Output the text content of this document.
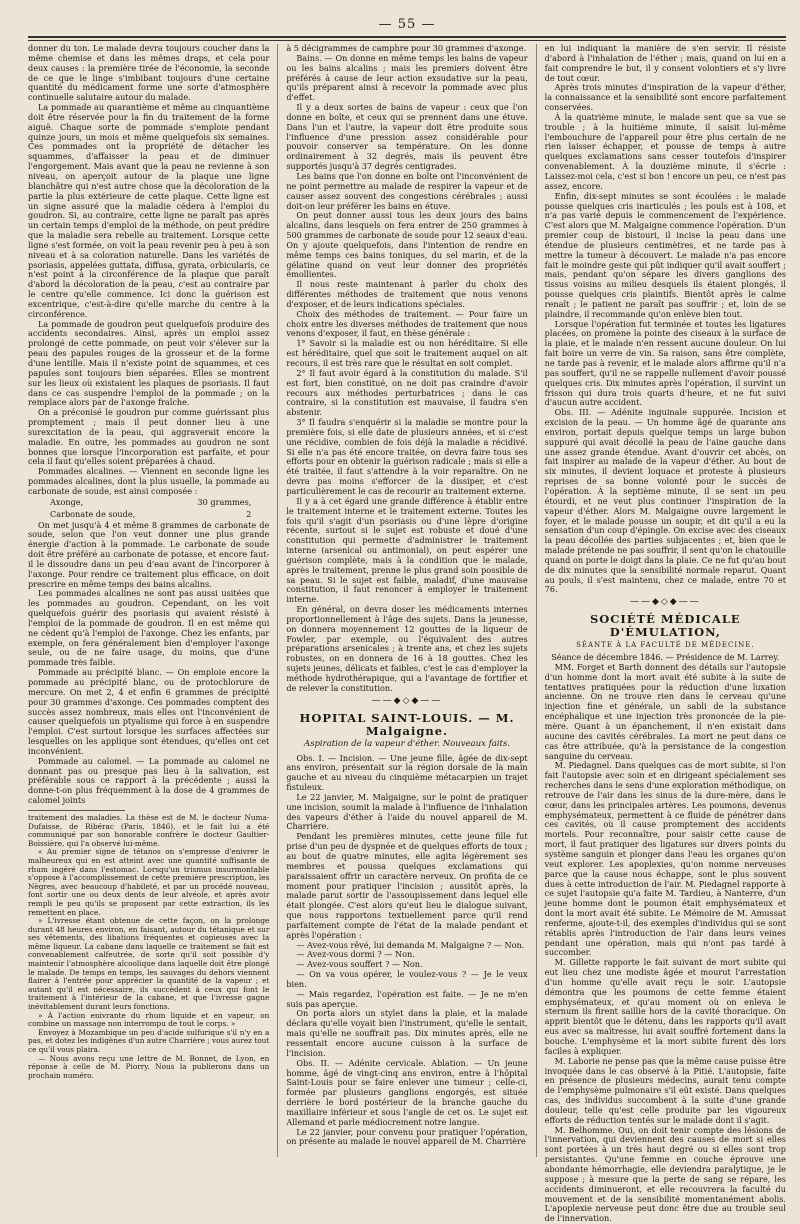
— 55 —

donner du ton. Le malade devra toujours coucher dans la même chemise et dans les mêmes draps, et cela pour deux causes : la première tirée de l'économie, la seconde de ce que le linge s'imbibant toujours d'une certaine quantité du médicament forme une sorte d'atmosphère continuelle salutaire autour du malade.

La pommade au quarantième et même au cinquantième doit être réservée pour la fin du traitement de la forme aiguë. Chaque sorte de pommade s'emploie pendant quinze jours, un mois et même quelquefois six semaines. Ces pommades ont la propriété de détacher les squammes, d'affaisser la peau et de diminuer l'engorgement. Mais avant que la peau ne revienne à son niveau, on aperçoit autour de la plaque une ligne blanchâtre qui n'est autre chose que la décoloration de la partie la plus extérieure de cette plaque. Cette ligne est un signe assuré que la maladie cédera à l'emploi du goudron. Si, au contraire, cette ligne ne paraît pas après un certain temps d'emploi de la méthode, on peut prédire que la maladie sera rebelle au traitement. Lorsque cette ligne s'est formée, on voit la peau revenir peu à peu à son niveau et à sa coloration naturelle. Dans les variétés de psoriasis, appelées guttata, diffusa, gyrata, orbicularis, ce n'est point à la circonférence de la plaque que paraît d'abord la décoloration de la peau, c'est au contraire par le centre qu'elle commence. Ici donc la guérison est excentrique, c'est-à-dire qu'elle marche du centre à la circonférence.

La pommade de goudron peut quelquefois produire des accidents secondaires. Ainsi, après un emploi assez prolongé de cette pommade, on peut voir s'élever sur la peau des papules rouges de la grosseur et de la forme d'une lentille. Mais il n'existe point de squammes, et ces papules sont toujours bien séparées. Elles se montrent sur les lieux où existaient les plaques de psoriasis. Il faut dans ce cas suspendre l'emploi de la pommade ; on la remplace alors par de l'axonge fraîche.

On a préconisé le goudron pur comme guérissant plus promptement ; mais il peut donner lieu à une surexcitation de la peau, qui aggraverait encore la maladie. En outre, les pommades au goudron ne sont bonnes que lorsque l'incorporation est parfaite, et pour cela il faut qu'elles soient préparées à chaud.

Pommades alcalines. — Viennent en seconde ligne les pommades alcalines, dont la plus usuelle, la pommade au carbonate de soude, est ainsi composée :

Axonge,	30 grammes,
Carbonate de soude,	2

On met jusqu'à 4 et même 8 grammes de carbonate de soude, selon que l'on veut donner une plus grande énergie d'action à la pommade. Le carbonate de soude doit être préféré au carbonate de potasse, et encore faut-il le dissoudre dans un peu d'eau avant de l'incorporer à l'axonge. Pour rendre ce traitement plus efficace, on doit prescrire en même temps des bains alcalins.

Les pommades alcalines ne sont pas aussi usitées que les pommades au goudron. Cependant, on les voit quelquefois guérir des psoriasis qui avaient résisté à l'emploi de la pommade de goudron. Il en est même qui ne cèdent qu'à l'emploi de l'axonge. Chez les enfants, par exemple, on fera généralement bien d'employer l'axonge seule, ou de ne faire usage, du moins, que d'une pommade très faible.

Pommade au précipité blanc. — On emploie encore la pommade au précipité blanc, ou de protochlorure de mercure. On met 2, 4 et enfin 6 grammes de précipité pour 30 grammes d'axonge. Ces pommades comptent des succès assez nombreux, mais elles ont l'inconvénient de causer quelquefois un ptyalisme qui force à en suspendre l'emploi. C'est surtout lorsque les surfaces affectées sur lesquelles on les applique sont étendues, qu'elles ont cet inconvénient.

Pommade au calomel. — La pommade au calomel ne donnant pas ou presque pas lieu à la salivation, est préférable sous ce rapport à la précédente ; aussi la donne-t-on plus fréquemment à la dose de 4 grammes de calomel joints

traitement des maladies. La thèse est de M. le docteur Numa-Dufaisse, de Ribérac (Paris, 1846), et le fait lui a été communiqué par son honorable confrère le docteur Gaultier-Boissière, qui l'a observé lui-même.

« Au premier signe de tétanos on s'empresse d'enivrer le malheureux qui en est atteint avec une quantité suffisante de rhum ingéré dans l'estomac. Lorsqu'un trismus insurmontable s'oppose à l'accomplissement de cette première prescription, les Nègres, avec beaucoup d'habileté, et par un procédé nouveau, font sortir une ou deux dents de leur alvéole, et après avoir rempli le peu qu'ils se proposent par cette extraction, ils les remettent en place.

» L'ivresse étant obtenue de cette façon, on la prolonge durant 48 heures environ, en faisant, autour du tétanique et sur ses vêtements, des libations fréquentes et copieuses avec la même liqueur. La cabane dans laquelle ce traitement se fait est convenablement calfeutrée, de sorte qu'il soit possible d'y maintenir l'atmosphère alcoolique dans laquelle doit être plongé le malade. De temps en temps, les sauvages du dehors viennent flairer à l'entrée pour apprécier la quantité de la vapeur ; et autant qu'il est nécessaire, ils succèdent à ceux qui font le traitement à l'intérieur de la cabane, et que l'ivresse gagne inévitablement durant leurs fonctions.

» À l'action enivrante du rhum liquide et en vapeur, on combine un massage non interrompu de tout le corps. »

Envoyez à Mozambique un peu d'acide sulfurique s'il n'y en a pas, et dotez les indigènes d'un autre Charrière ; vous aurez tout ce qu'il vous plaira.

— Nous avons reçu une lettre de M. Bonnet, de Lyon, en réponse à celle de M. Piorry. Nous la publierons dans un prochain numéro.

à 5 décigrammes de camphre pour 30 grammes d'axonge.

Bains. — On donne en même temps les bains de vapeur ou les bains alcalins ; mais les premiers doivent être préférés à cause de leur action exsudative sur la peau, qu'ils préparent ainsi à recevoir la pommade avec plus d'effet.

Il y a deux sortes de bains de vapeur : ceux que l'on donne en boîte, et ceux qui se prennent dans une étuve. Dans l'un et l'autre, la vapeur doit être produite sous l'influence d'une pression assez considérable pour pouvoir conserver sa température. On les donne ordinairement à 32 degrés, mais ils peuvent être supportés jusqu'à 37 degrés centigrades.

Les bains que l'on donne en boîte ont l'inconvénient de ne point permettre au malade de respirer la vapeur et de causer assez souvent des congestions cérébrales ; aussi doit-on leur préférer les bains en étuve.

On peut donner aussi tous les deux jours des bains alcalins, dans lesquels on fera entrer de 250 grammes à 500 grammes de carbonate de soude pour 12 seaux d'eau. On y ajoute quelquefois, dans l'intention de rendre en même temps ces bains toniques, du sel marin, et de la gélatine quand on veut leur donner des propriétés émollientes.

Il nous reste maintenant à parler du choix des différentes méthodes de traitement que nous venons d'exposer, et de leurs indications spéciales.

Choix des méthodes de traitement. — Pour faire un choix entre les diverses méthodes de traitement que nous venons d'exposer, il faut, en thèse générale :

1° Savoir si la maladie est ou non héréditaire. Si elle est héréditaire, quel que soit le traitement auquel on ait recours, il est très rare que le résultat en soit complet.

2° Il faut avoir égard à la constitution du malade. S'il est fort, bien constitué, on ne doit pas craindre d'avoir recours aux méthodes perturbatrices ; dans le cas contraire, si la constitution est mauvaise, il faudra s'en abstenir.

3° Il faudra s'enquérir si la maladie se montre pour la première fois, si elle date de plusieurs années, et si c'est une récidive, combien de fois déjà la maladie a récidivé. Si elle n'a pas été encore traitée, on devra faire tous ses efforts pour en obtenir la guérison radicale ; mais si elle a été traitée, il faut s'attendre à la voir reparaître. On ne devra pas moins s'efforcer de la dissiper, et c'est particulièrement le cas de recourir au traitement externe.

Il y a à cet égard une grande différence à établir entre le traitement interne et le traitement externe. Toutes les fois qu'il s'agit d'un psoriasis ou d'une lèpre d'origine récente, surtout si le sujet est robuste et doué d'une constitution qui permette d'administrer le traitement interne (arsenical ou antimonial), on peut espérer une guérison complète, mais à la condition que le malade, après le traitement, prenne le plus grand soin possible de sa peau. Si le sujet est faible, maladif, d'une mauvaise constitution, il faut renoncer à employer le traitement interne.

En général, on devra doser les médicaments internes proportionnellement à l'âge des sujets. Dans la jeunesse, on donnera moyennement 12 gouttes de la liqueur de Fowler, par exemple, ou l'équivalent des autres préparations arsenicales ; à trente ans, et chez les sujets robustes, on en donnera de 16 à 18 gouttes. Chez les sujets jeunes, délicats et faibles, c'est le cas d'employer la méthode hydrothérapique, qui a l'avantage de fortifier et de relever la constitution.

——◆◇◆——
HOPITAL SAINT-LOUIS. — M. Malgaigne.
Aspiration de la vapeur d'éther. Nouveaux faits.

Obs. I. — Incision. — Une jeune fille, âgée de dix-sept ans environ, présentait sur la région dorsale de la main gauche et au niveau du cinquième métacarpien un trajet fistuleux.

Le 22 janvier, M. Malgaigne, sur le point de pratiquer une incision, soumit la malade à l'influence de l'inhalation des vapeurs d'éther à l'aide du nouvel appareil de M. Charrière.

Pendant les premières minutes, cette jeune fille fut prise d'un peu de dyspnée et de quelques efforts de toux ; au bout de quatre minutes, elle agita légèrement ses membres et poussa quelques exclamations qui paraissaient offrir un caractère nerveux. On profita de ce moment pour pratiquer l'incision ; aussitôt après, la malade parut sortir de l'assoupissement dans lequel elle était plongée. C'est alors qu'eut lieu le dialogue suivant, que nous rapportons textuellement parce qu'il rend parfaitement compte de l'état de la malade pendant et après l'opération :

— Avez-vous rêvé, lui demanda M. Malgaigne ? — Non.

— Avez-vous dormi ? — Non.

— Avez-vous souffert ? — Non.

— On va vous opérer, le voulez-vous ? — Je le veux bien.

— Mais regardez, l'opération est faite. — Je ne m'en suis pas aperçue.

On porta alors un stylet dans la plaie, et la malade déclara qu'elle voyait bien l'instrument, qu'elle le sentait, mais qu'elle ne souffrait pas. Dix minutes après, elle ne ressentait encore aucune cuisson à la surface de l'incision.

Obs. II. — Adénite cervicale. Ablation. — Un jeune homme, âgé de vingt-cinq ans environ, entre à l'hôpital Saint-Louis pour se faire enlever une tumeur ; celle-ci, formée par plusieurs ganglions engorgés, est située derrière le bord postérieur de la branche gauche du maxillaire inférieur et sous l'angle de cet os. Le sujet est Allemand et parle médiocrement notre langue.

Le 22 janvier, pour convenu pour pratiquer l'opération, on présente au malade le nouvel appareil de M. Charrière

en lui indiquant la manière de s'en servir. Il résiste d'abord à l'inhalation de l'éther ; mais, quand on lui en a fait comprendre le but, il y consent volontiers et s'y livre de tout cœur.

Après trois minutes d'inspiration de la vapeur d'éther, la connaissance et la sensibilité sont encore parfaitement conservées.

À la quatrième minute, le malade sent que sa vue se trouble ; à la huitième minute, il saisit lui-même l'embouchure de l'appareil pour être plus certain de ne rien laisser échapper, et pousse de temps à autre quelques exclamations sans cesser toutefois d'inspirer convenablement. À la douzième minute, il s'écrie : Laissez-moi cela, c'est si bon ! encore un peu, ce n'est pas assez, encore.

Enfin, dix-sept minutes se sont écoulées : le malade pousse quelques cris inarticulés ; les pouls est à 108, et n'a pas varié depuis le commencement de l'expérience. C'est alors que M. Malgaigne commence l'opération. D'un premier coup de bistouri, il incise la peau dans une étendue de plusieurs centimètres, et ne tarde pas à mettre la tumeur à découvert. Le malade n'a pas encore fait le moindre geste qui pût indiquer qu'il avait souffert ; mais, pendant qu'on sépare les divers ganglions des tissus voisins au milieu desquels ils étaient plongés, il pousse quelques cris plaintifs. Bientôt après le calme renaît ; le patient ne paraît pas souffrir ; et, loin de se plaindre, il recommande qu'on enlève bien tout.

Lorsque l'opération fut terminée et toutes les ligatures placées, on promène la pointe des ciseaux à la surface de la plaie, et le malade n'en ressent aucune douleur. On lui fait boire un verre de vin. Sa raison, sans être complète, ne tarde pas à revenir, et le malade alors affirme qu'il n'a pas souffert, qu'il ne se rappelle nullement d'avoir poussé quelques cris. Dix minutes après l'opération, il survint un frisson qui dura trois quarts d'heure, et ne fut suivi d'aucun autre accident.

Obs. III. — Adénite inguinale suppurée. Incision et excision de la peau. — Un homme âgé de quarante ans environ, portait depuis quelque temps un large bubon suppuré qui avait décollé la peau de l'aine gauche dans une assez grande étendue. Avant d'ouvrir cet abcès, on fait inspirer au malade de la vapeur d'éther. Au bout de six minutes, il devient loquace et proteste à plusieurs reprises de sa bonne volonté pour le succès de l'opération. À la septième minute, il se sent un peu étourdi, et ne veut plus continuer l'inspiration de la vapeur d'éther. Alors M. Malgaigne ouvre largement le foyer, et le malade pousse un soupir, et dit qu'il a eu la sensation d'un coup d'épingle. On excise avec des ciseaux la peau décollée des parties subjacentes ; et, bien que le malade prétende ne pas souffrir, il sent qu'on le chatouille quand on porte le doigt dans la plaie. Ce ne fut qu'au bout de dix minutes que la sensibilité normale reparut. Quant au pouls, il s'est maintenu, chez ce malade, entre 70 et 76.

——◆◇◆——
SOCIÉTÉ MÉDICALE D'ÉMULATION,
SÉANTE À LA FACULTÉ DE MÉDECINE.

Séance de décembre 1846. — Présidence de M. Larrey.

MM. Forget et Barth donnent des détails sur l'autopsie d'un homme dont la mort avait été subite à la suite de tentatives pratiquées pour la réduction d'une luxation ancienne. On ne trouve rien dans le cerveau qu'une injection fine et générale, un sabli de la substance encéphalique et une injection très prononcée de la pie-mère. Quant à un épanchement, il n'en existait dans aucune des cavités cérébrales. La mort ne peut dans ce cas être attribuée, qu'à la persistance de la congestion sanguine du cerveau.

M. Piedagnel. Dans quelques cas de mort subite, si l'on fait l'autopsie avec soin et en dirigeant spécialement ses recherches dans le sens d'une exploration méthodique, on retrouve de l'air dans les sinus de la dure-mère, dans le cœur, dans les principales artères. Les poumons, devenus emphysémateux, permettent à ce fluide de pénétrer dans ces cavités, où il cause promptement des accidents mortels. Pour reconnaître, pour saisir cette cause de mort, il faut pratiquer des ligatures sur divers points du système sanguin et plonger dans l'eau les organes qu'on veut explorer. Les apoplexies, qu'on nomme nerveuses parce que la cause nous échappe, sont le plus souvent dues à cette introduction de l'air. M. Piedagnel rapporte à ce sujet l'autopsie qu'a faite M. Tardieu, à Nanterre, d'un jeune homme dont le poumon était emphysémateux et dont la mort avait été subite. Le Mémoire de M. Amussat renferme, ajoute-t-il, des exemples d'individus qui se sont rétablis après l'introduction de l'air dans leurs veines pendant une opération, mais qui n'ont pas tardé à succomber.

M. Gillette rapporte le fait suivant de mort subite qui eut lieu chez une modiste âgée et mourut l'arrestation d'un homme qu'elle avait reçu le soir. L'autopsie démontra que les poumons de cette femme étaient emphysémateux, et qu'au moment où on enleva le sternum ils firent saillie hors de la cavité thoracique. On apprit bientôt que le détenu, dans les rapports qu'il avait eus avec sa maîtresse, lui avait souffré fortement dans la bouche. L'emphysème et la mort subite furent dès lors faciles à expliquer.

M. Laborie ne pense pas que la même cause puisse être invoquée dans le cas observé à la Pitié. L'autopsie, faite en présence de plusieurs médecins, aurait tenu compte de l'emphysème pulmonaire s'il eût existé. Dans quelques cas, des individus succombent à la suite d'une grande douleur, telle qu'est celle produite par les vigoureux efforts de réduction tentés sur le malade dont il s'agit.

M. Belhomme. Oui, on doit tenir compte des lésions de l'innervation, qui deviennent des causes de mort si elles sont portées à un très haut degré ou si elles sont trop persistantes. Qu'une femme en couche éprouve une abondante hémorrhagie, elle deviendra paralytique, je le suppose ; à mesure que la perte de sang se répare, les accidents diminueront, et elle recouvrera la faculté du mouvement et de la sensibilité momentanément abolis. L'apoplexie nerveuse peut donc être due au trouble seul de l'innervation.
